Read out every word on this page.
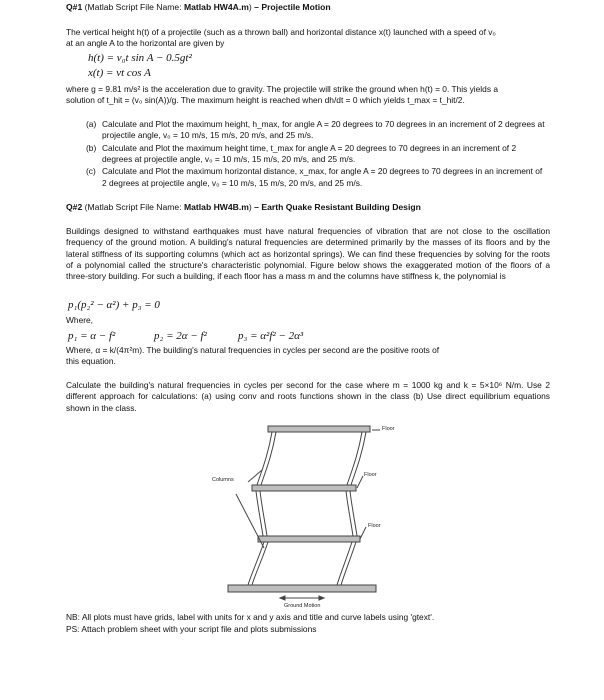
Q#1 (Matlab Script File Name: Matlab HW4A.m) – Projectile Motion
The vertical height h(t) of a projectile (such as a thrown ball) and horizontal distance x(t) launched with a speed of v₀
at an angle A to the horizontal are given by
h(t) = v₀t sin A − 0.5gt²
x(t) = vt cos A
where g = 9.81 m/s² is the acceleration due to gravity. The projectile will strike the ground when h(t) = 0. This yields a
solution of t_hit = (v₀ sin(A))/g. The maximum height is reached when dh/dt = 0 which yields t_max = t_hit/2.
(a) Calculate and Plot the maximum height, h_max, for angle A = 20 degrees to 70 degrees in an increment of 2 degrees at projectile angle, v₀ = 10 m/s, 15 m/s, 20 m/s, and 25 m/s.
(b) Calculate and Plot the maximum height time, t_max for angle A = 20 degrees to 70 degrees in an increment of 2 degrees at projectile angle, v₀ = 10 m/s, 15 m/s, 20 m/s, and 25 m/s.
(c) Calculate and Plot the maximum horizontal distance, x_max, for angle A = 20 degrees to 70 degrees in an increment of 2 degrees at projectile angle, v₀ = 10 m/s, 15 m/s, 20 m/s, and 25 m/s.
Q#2 (Matlab Script File Name: Matlab HW4B.m) – Earth Quake Resistant Building Design
Buildings designed to withstand earthquakes must have natural frequencies of vibration that are not close to the oscillation frequency of the ground motion. A building's natural frequencies are determined primarily by the masses of its floors and by the lateral stiffness of its supporting columns (which act as horizontal springs). We can find these frequencies by solving for the roots of a polynomial called the structure's characteristic polynomial. Figure below shows the exaggerated motion of the floors of a three-story building. For such a building, if each floor has a mass m and the columns have stiffness k, the polynomial is
p₁(p₂² − α²) + p₃ = 0
Where,
p₁ = α − f²	p₂ = 2α − f²	p₃ = α²f² − 2α³
Where, α = k/(4π²m). The building's natural frequencies in cycles per second are the positive roots of
this equation.
Calculate the building's natural frequencies in cycles per second for the case where m = 1000 kg and k = 5×10⁶ N/m. Use 2 different approach for calculations: (a) using conv and roots functions shown in the class (b) Use direct equilibrium equations shown in the class.
NB: All plots must have grids, label with units for x and y axis and title and curve labels using 'gtext'.
PS: Attach problem sheet with your script file and plots submissions
Floor
Floor
Floor
Columns
Ground Motion
